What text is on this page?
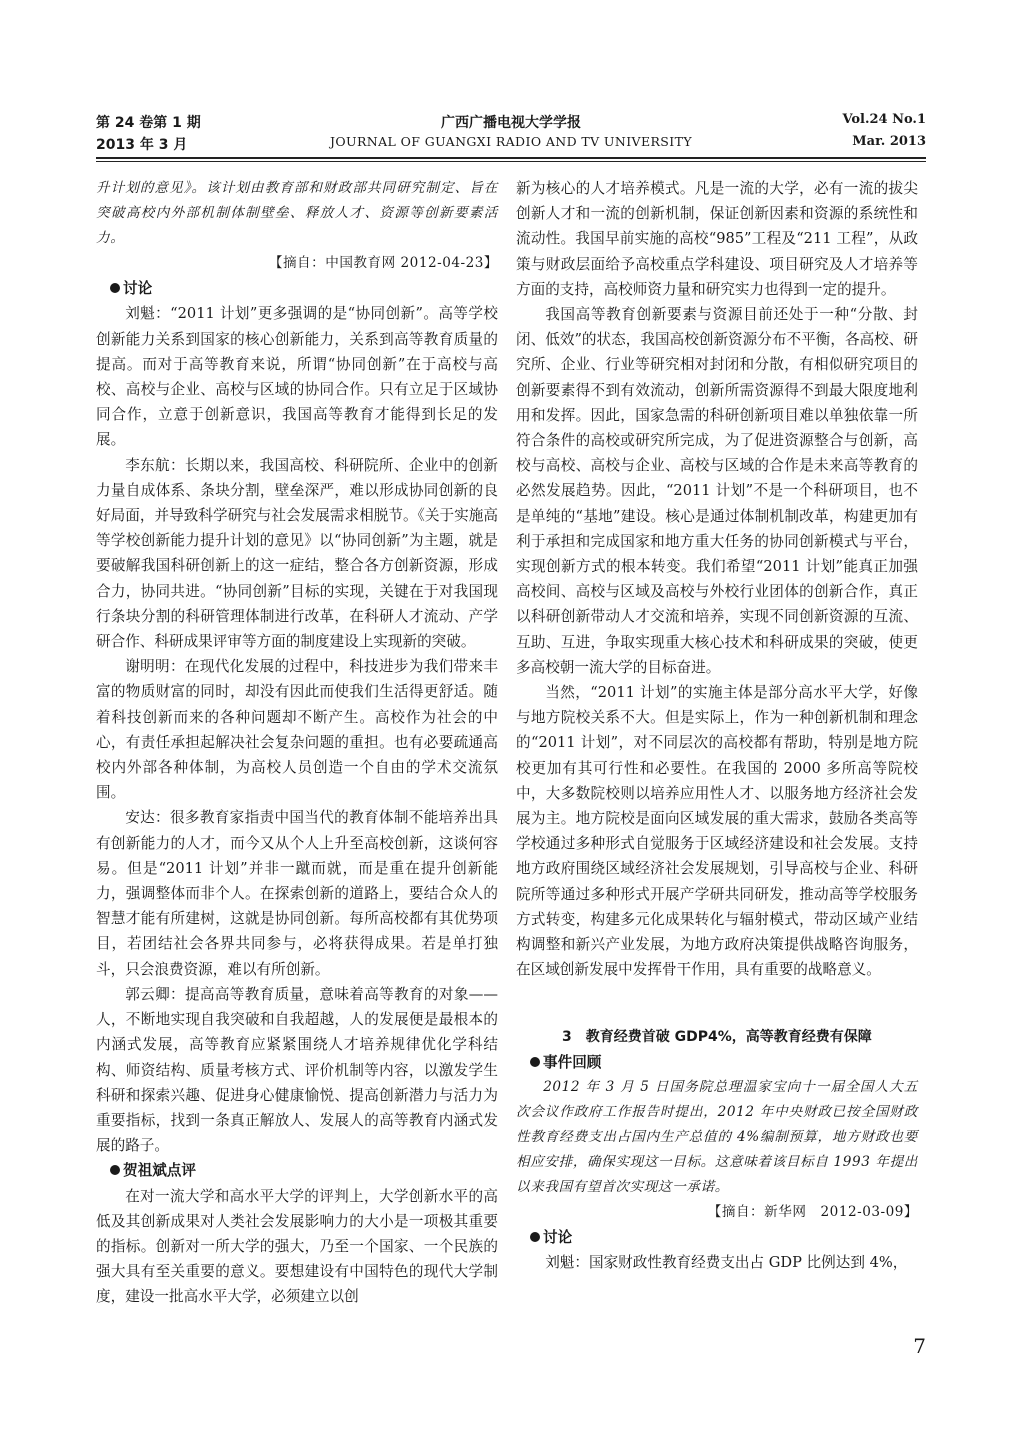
第 24 卷第 1 期	广西广播电视大学学报	Vol.24 No.1
2013 年 3 月	JOURNAL OF GUANGXI RADIO AND TV UNIVERSITY	Mar. 2013

升计划的意见》。该计划由教育部和财政部共同研究制定、旨在突破高校内外部机制体制壁垒、释放人才、资源等创新要素活力。

【摘自：中国教育网 2012-04-23】
讨论

刘魁：“2011 计划”更多强调的是“协同创新”。高等学校创新能力关系到国家的核心创新能力，关系到高等教育质量的提高。而对于高等教育来说，所谓“协同创新”在于高校与高校、高校与企业、高校与区域的协同合作。只有立足于区域协同合作，立意于创新意识，我国高等教育才能得到长足的发展。

李东航：长期以来，我国高校、科研院所、企业中的创新力量自成体系、条块分割，壁垒深严，难以形成协同创新的良好局面，并导致科学研究与社会发展需求相脱节。《关于实施高等学校创新能力提升计划的意见》以“协同创新”为主题，就是要破解我国科研创新上的这一症结，整合各方创新资源，形成合力，协同共进。“协同创新”目标的实现，关键在于对我国现行条块分割的科研管理体制进行改革，在科研人才流动、产学研合作、科研成果评审等方面的制度建设上实现新的突破。

谢明明：在现代化发展的过程中，科技进步为我们带来丰富的物质财富的同时，却没有因此而使我们生活得更舒适。随着科技创新而来的各种问题却不断产生。高校作为社会的中心，有责任承担起解决社会复杂问题的重担。也有必要疏通高校内外部各种体制，为高校人员创造一个自由的学术交流氛围。

安达：很多教育家指责中国当代的教育体制不能培养出具有创新能力的人才，而今又从个人上升至高校创新，这谈何容易。但是“2011 计划”并非一蹴而就，而是重在提升创新能力，强调整体而非个人。在探索创新的道路上，要结合众人的智慧才能有所建树，这就是协同创新。每所高校都有其优势项目，若团结社会各界共同参与，必将获得成果。若是单打独斗，只会浪费资源，难以有所创新。

郭云卿：提高高等教育质量，意味着高等教育的对象——人，不断地实现自我突破和自我超越，人的发展便是最根本的内涵式发展，高等教育应紧紧围绕人才培养规律优化学科结构、师资结构、质量考核方式、评价机制等内容，以激发学生科研和探索兴趣、促进身心健康愉悦、提高创新潜力与活力为重要指标，找到一条真正解放人、发展人的高等教育内涵式发展的路子。

贺祖斌点评

在对一流大学和高水平大学的评判上，大学创新水平的高低及其创新成果对人类社会发展影响力的大小是一项极其重要的指标。创新对一所大学的强大，乃至一个国家、一个民族的强大具有至关重要的意义。要想建设有中国特色的现代大学制度，建设一批高水平大学，必须建立以创

新为核心的人才培养模式。凡是一流的大学，必有一流的拔尖创新人才和一流的创新机制，保证创新因素和资源的系统性和流动性。我国早前实施的高校“985”工程及“211 工程”，从政策与财政层面给予高校重点学科建设、项目研究及人才培养等方面的支持，高校师资力量和研究实力也得到一定的提升。

我国高等教育创新要素与资源目前还处于一种“分散、封闭、低效”的状态，我国高校创新资源分布不平衡，各高校、研究所、企业、行业等研究相对封闭和分散，有相似研究项目的创新要素得不到有效流动，创新所需资源得不到最大限度地利用和发挥。因此，国家急需的科研创新项目难以单独依靠一所符合条件的高校或研究所完成，为了促进资源整合与创新，高校与高校、高校与企业、高校与区域的合作是未来高等教育的必然发展趋势。因此，“2011 计划”不是一个科研项目，也不是单纯的“基地”建设。核心是通过体制机制改革，构建更加有利于承担和完成国家和地方重大任务的协同创新模式与平台，实现创新方式的根本转变。我们希望“2011 计划”能真正加强高校间、高校与区域及高校与外校行业团体的创新合作，真正以科研创新带动人才交流和培养，实现不同创新资源的互流、互助、互进，争取实现重大核心技术和科研成果的突破，使更多高校朝一流大学的目标奋进。

当然，“2011 计划”的实施主体是部分高水平大学，好像与地方院校关系不大。但是实际上，作为一种创新机制和理念的“2011 计划”，对不同层次的高校都有帮助，特别是地方院校更加有其可行性和必要性。在我国的 2000 多所高等院校中，大多数院校则以培养应用性人才、以服务地方经济社会发展为主。地方院校是面向区域发展的重大需求，鼓励各类高等学校通过多种形式自觉服务于区域经济建设和社会发展。支持地方政府围绕区域经济社会发展规划，引导高校与企业、科研院所等通过多种形式开展产学研共同研发，推动高等学校服务方式转变，构建多元化成果转化与辐射模式，带动区域产业结构调整和新兴产业发展，为地方政府决策提供战略咨询服务，在区域创新发展中发挥骨干作用，具有重要的战略意义。

3　教育经费首破 GDP4%，高等教育经费有保障
事件回顾

2012 年 3 月 5 日国务院总理温家宝向十一届全国人大五次会议作政府工作报告时提出，2012 年中央财政已按全国财政性教育经费支出占国内生产总值的 4%编制预算，地方财政也要相应安排，确保实现这一目标。这意味着该目标自 1993 年提出以来我国有望首次实现这一承诺。

【摘自：新华网　2012-03-09】
讨论

刘魁：国家财政性教育经费支出占 GDP 比例达到 4%，

7
